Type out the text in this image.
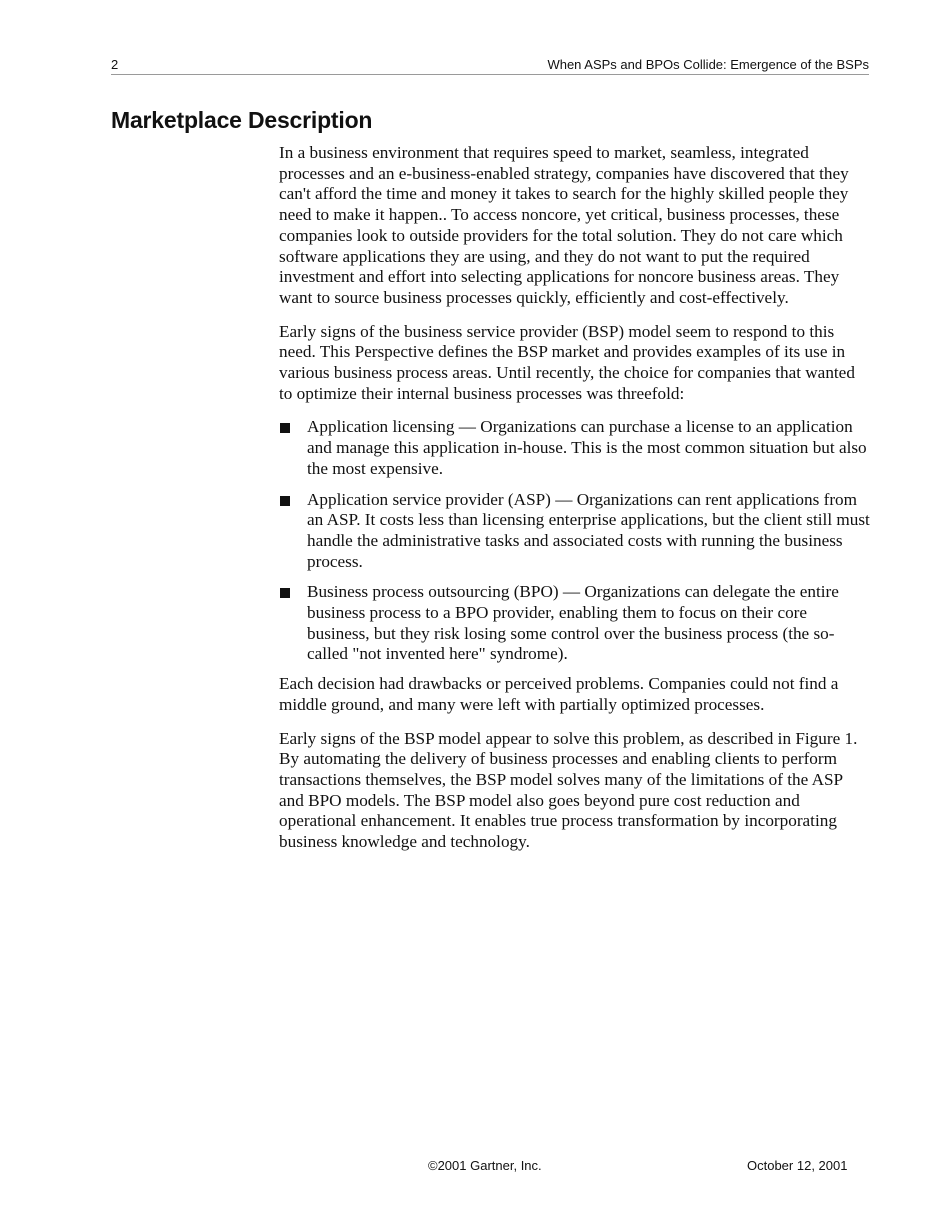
2	When ASPs and BPOs Collide: Emergence of the BSPs
Marketplace Description

In a business environment that requires speed to market, seamless, integrated processes and an e-business-enabled strategy, companies have discovered that they can't afford the time and money it takes to search for the highly skilled people they need to make it happen.. To access noncore, yet critical, business processes, these companies look to outside providers for the total solution. They do not care which software applications they are using, and they do not want to put the required investment and effort into selecting applications for noncore business areas. They want to source business processes quickly, efficiently and cost-effectively.

Early signs of the business service provider (BSP) model seem to respond to this need. This Perspective defines the BSP market and provides examples of its use in various business process areas. Until recently, the choice for companies that wanted to optimize their internal business processes was threefold:

Application licensing — Organizations can purchase a license to an application and manage this application in-house. This is the most common situation but also the most expensive.
Application service provider (ASP) — Organizations can rent applications from an ASP. It costs less than licensing enterprise applications, but the client still must handle the administrative tasks and associated costs with running the business process.
Business process outsourcing (BPO) — Organizations can delegate the entire business process to a BPO provider, enabling them to focus on their core business, but they risk losing some control over the business process (the so-called "not invented here" syndrome).

Each decision had drawbacks or perceived problems. Companies could not find a middle ground, and many were left with partially optimized processes.

Early signs of the BSP model appear to solve this problem, as described in Figure 1. By automating the delivery of business processes and enabling clients to perform transactions themselves, the BSP model solves many of the limitations of the ASP and BPO models. The BSP model also goes beyond pure cost reduction and operational enhancement. It enables true process transformation by incorporating business knowledge and technology.

©2001 Gartner, Inc.	October 12, 2001
